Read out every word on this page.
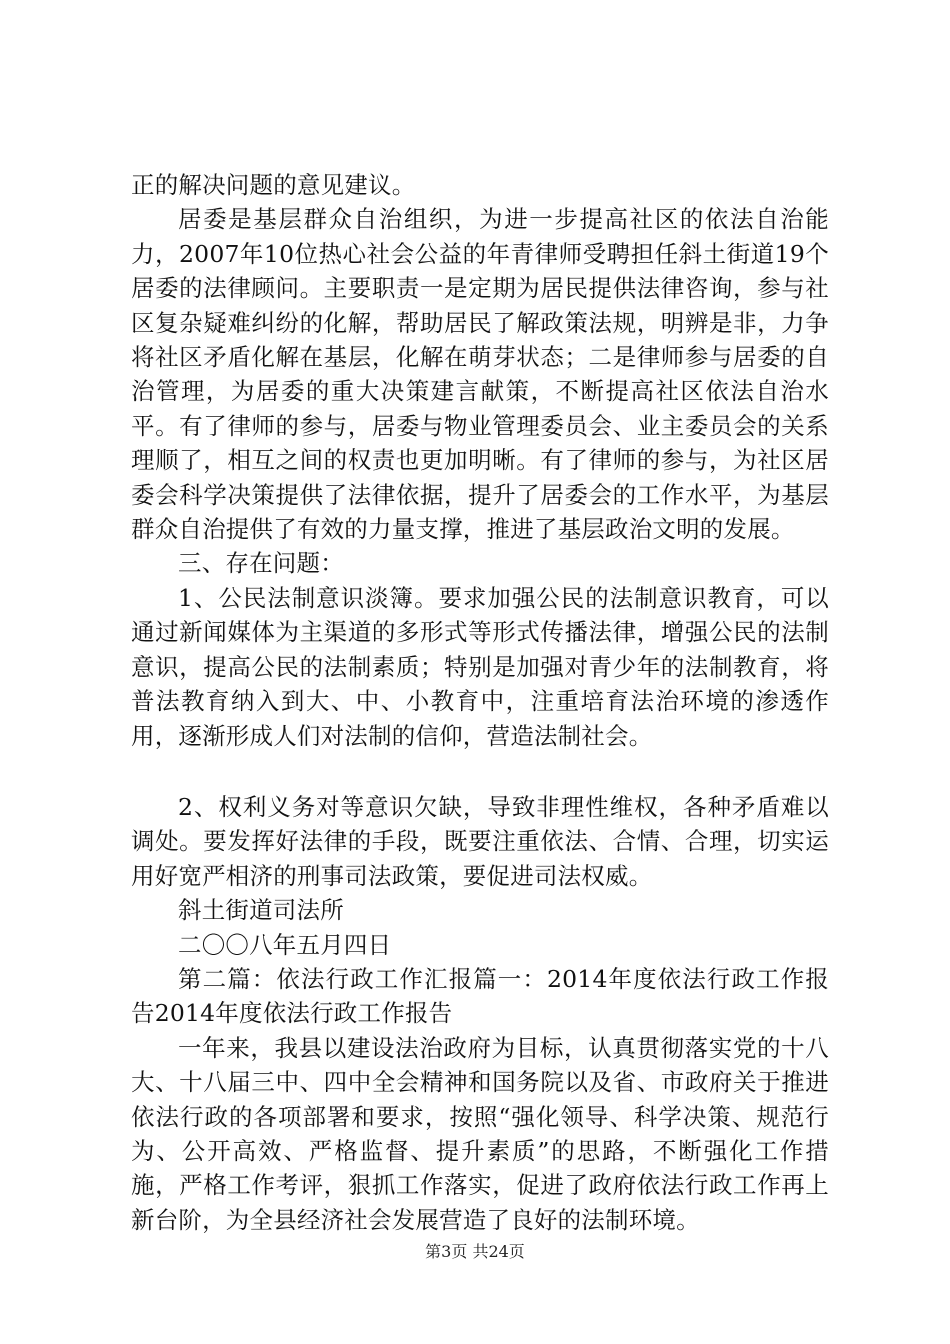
正的解决问题的意见建议。

居委是基层群众自治组织，为进一步提高社区的依法自治能力，2007年10位热心社会公益的年青律师受聘担任斜土街道19个居委的法律顾问。主要职责一是定期为居民提供法律咨询，参与社区复杂疑难纠纷的化解，帮助居民了解政策法规，明辨是非，力争将社区矛盾化解在基层，化解在萌芽状态；二是律师参与居委的自治管理，为居委的重大决策建言献策，不断提高社区依法自治水平。有了律师的参与，居委与物业管理委员会、业主委员会的关系理顺了，相互之间的权责也更加明晰。有了律师的参与，为社区居委会科学决策提供了法律依据，提升了居委会的工作水平，为基层群众自治提供了有效的力量支撑，推进了基层政治文明的发展。

三、存在问题：

1、公民法制意识淡簿。要求加强公民的法制意识教育，可以通过新闻媒体为主渠道的多形式等形式传播法律，增强公民的法制意识，提高公民的法制素质；特别是加强对青少年的法制教育，将普法教育纳入到大、中、小教育中，注重培育法治环境的渗透作用，逐渐形成人们对法制的信仰，营造法制社会。

2、权利义务对等意识欠缺，导致非理性维权，各种矛盾难以调处。要发挥好法律的手段，既要注重依法、合情、合理，切实运用好宽严相济的刑事司法政策，要促进司法权威。

斜土街道司法所

二〇〇八年五月四日

第二篇：依法行政工作汇报篇一：2014年度依法行政工作报告2014年度依法行政工作报告

一年来，我县以建设法治政府为目标，认真贯彻落实党的十八大、十八届三中、四中全会精神和国务院以及省、市政府关于推进依法行政的各项部署和要求，按照“强化领导、科学决策、规范行为、公开高效、严格监督、提升素质”的思路，不断强化工作措施，严格工作考评，狠抓工作落实，促进了政府依法行政工作再上新台阶，为全县经济社会发展营造了良好的法制环境。

第3页 共24页
